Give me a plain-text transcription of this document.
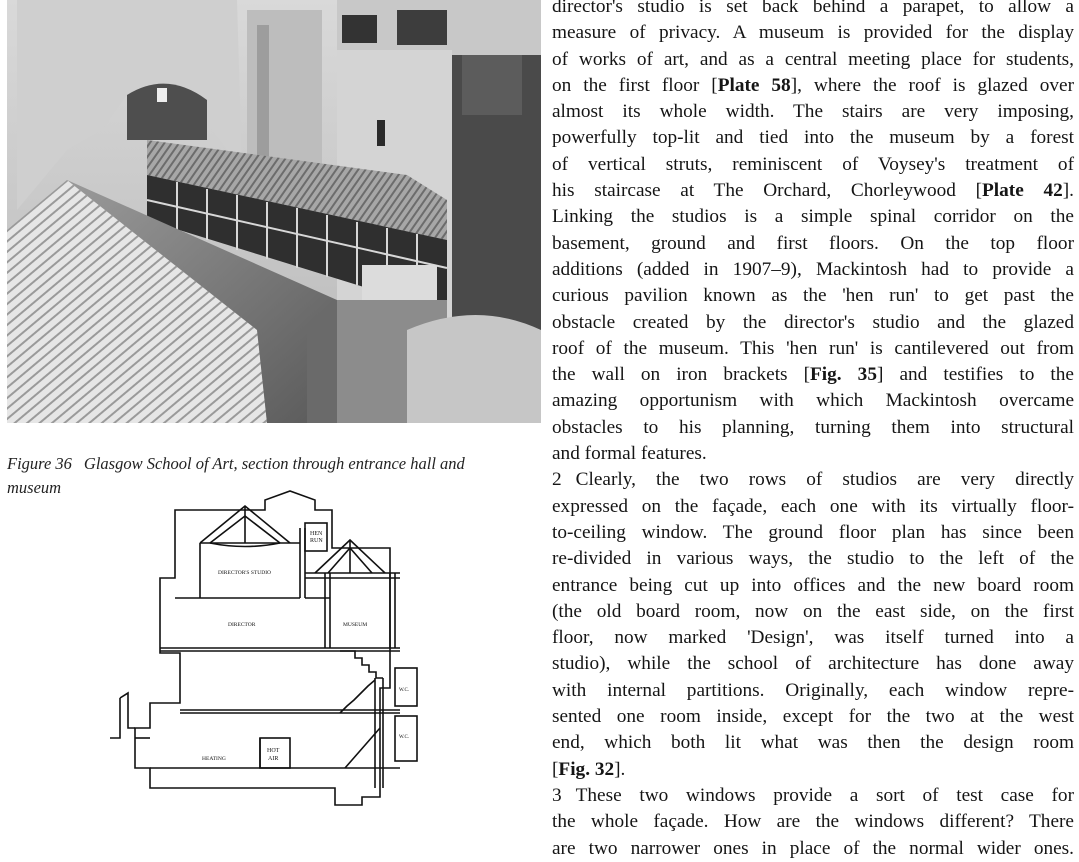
Figure 36 Glasgow School of Art, section through entrance hall and
museum
HEN
RUN
DIRECTOR'S STUDIO
DIRECTOR	MUSEUM
W.C.
W.C.
HEATING
HOT
AIR
director's studio is set back behind a parapet, to allow a
measure of privacy. A museum is provided for the display
of works of art, and as a central meeting place for students,
on the first floor [Plate 58], where the roof is glazed over
almost its whole width. The stairs are very imposing,
powerfully top-lit and tied into the museum by a forest
of vertical struts, reminiscent of Voysey's treatment of
his staircase at The Orchard, Chorleywood [Plate 42].
Linking the studios is a simple spinal corridor on the
basement, ground and first floors. On the top floor
additions (added in 1907–9), Mackintosh had to provide a
curious pavilion known as the 'hen run' to get past the
obstacle created by the director's studio and the glazed
roof of the museum. This 'hen run' is cantilevered out from
the wall on iron brackets [Fig. 35] and testifies to the
amazing opportunism with which Mackintosh overcame
obstacles to his planning, turning them into structural
and formal features.
2 Clearly, the two rows of studios are very directly
expressed on the façade, each one with its virtually floor-
to-ceiling window. The ground floor plan has since been
re-divided in various ways, the studio to the left of the
entrance being cut up into offices and the new board room
(the old board room, now on the east side, on the first
floor, now marked 'Design', was itself turned into a
studio), while the school of architecture has done away
with internal partitions. Originally, each window repre-
sented one room inside, except for the two at the west
end, which both lit what was then the design room
[Fig. 32].
3 These two windows provide a sort of test case for
the whole façade. How are the windows different? There
are two narrower ones in place of the normal wider ones.
